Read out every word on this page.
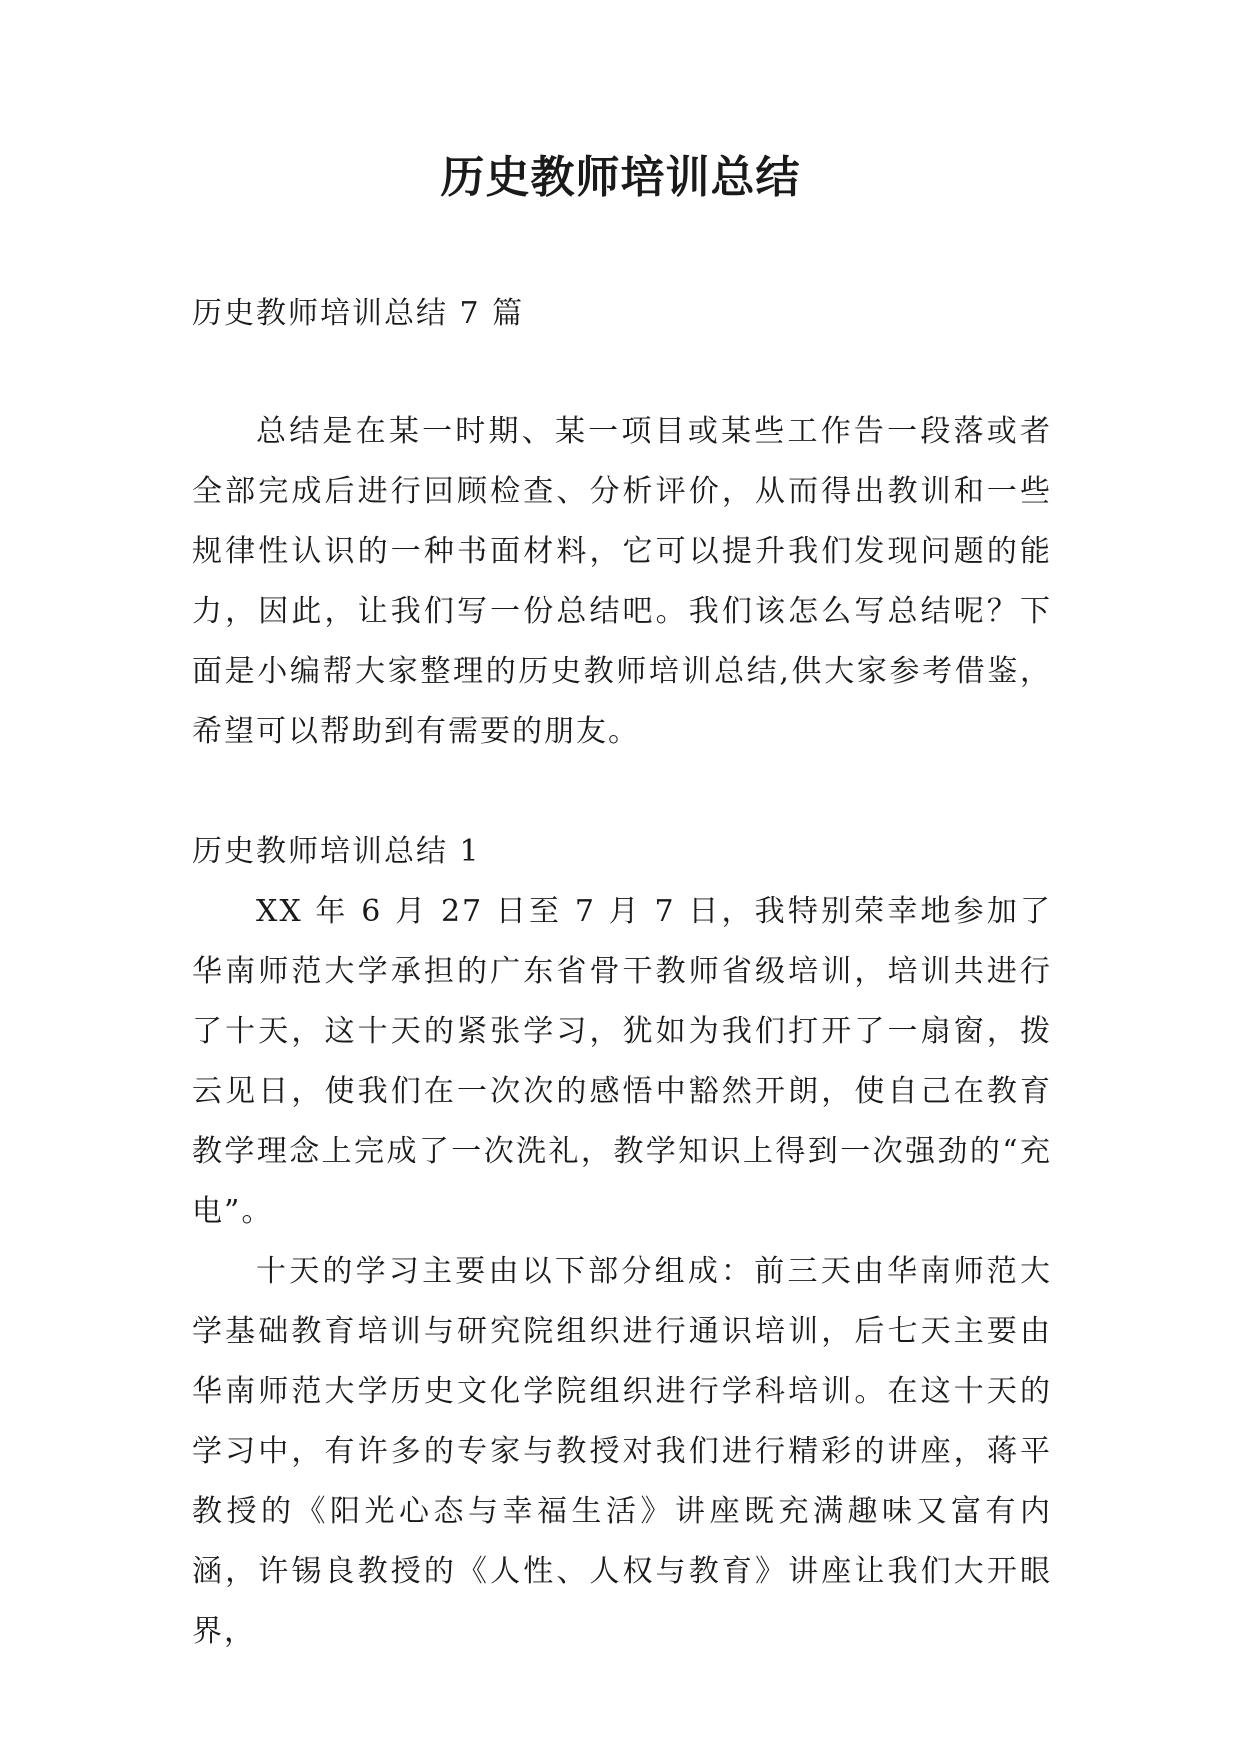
历史教师培训总结

历史教师培训总结 7 篇

总结是在某一时期、某一项目或某些工作告一段落或者全部完成后进行回顾检查、分析评价，从而得出教训和一些规律性认识的一种书面材料，它可以提升我们发现问题的能力，因此，让我们写一份总结吧。我们该怎么写总结呢？下面是小编帮大家整理的历史教师培训总结,供大家参考借鉴，希望可以帮助到有需要的朋友。

历史教师培训总结 1

XX 年 6 月 27 日至 7 月 7 日，我特别荣幸地参加了华南师范大学承担的广东省骨干教师省级培训，培训共进行了十天，这十天的紧张学习，犹如为我们打开了一扇窗，拨云见日，使我们在一次次的感悟中豁然开朗，使自己在教育教学理念上完成了一次洗礼，教学知识上得到一次强劲的“充电”。

十天的学习主要由以下部分组成：前三天由华南师范大学基础教育培训与研究院组织进行通识培训，后七天主要由华南师范大学历史文化学院组织进行学科培训。在这十天的学习中，有许多的专家与教授对我们进行精彩的讲座，蒋平教授的《阳光心态与幸福生活》讲座既充满趣味又富有内涵，许锡良教授的《人性、人权与教育》讲座让我们大开眼界，
